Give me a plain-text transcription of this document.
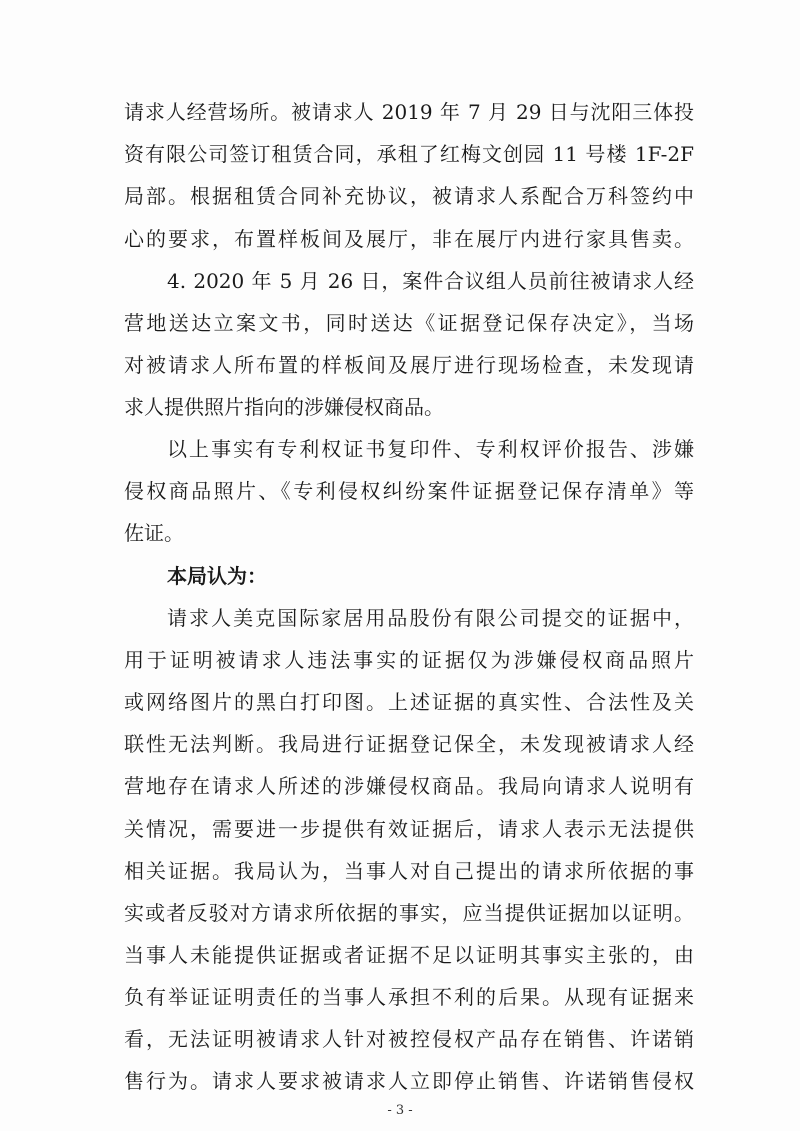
请求人经营场所。被请求人 2019 年 7 月 29 日与沈阳三体投
资有限公司签订租赁合同，承租了红梅文创园 11 号楼 1F-2F
局部。根据租赁合同补充协议，被请求人系配合万科签约中
心的要求，布置样板间及展厅，非在展厅内进行家具售卖。
4. 2020 年 5 月 26 日，案件合议组人员前往被请求人经
营地送达立案文书，同时送达《证据登记保存决定》，当场
对被请求人所布置的样板间及展厅进行现场检查，未发现请
求人提供照片指向的涉嫌侵权商品。
以上事实有专利权证书复印件、专利权评价报告、涉嫌
侵权商品照片、《专利侵权纠纷案件证据登记保存清单》等
佐证。
本局认为：
请求人美克国际家居用品股份有限公司提交的证据中，
用于证明被请求人违法事实的证据仅为涉嫌侵权商品照片
或网络图片的黑白打印图。上述证据的真实性、合法性及关
联性无法判断。我局进行证据登记保全，未发现被请求人经
营地存在请求人所述的涉嫌侵权商品。我局向请求人说明有
关情况，需要进一步提供有效证据后，请求人表示无法提供
相关证据。我局认为，当事人对自己提出的请求所依据的事
实或者反驳对方请求所依据的事实，应当提供证据加以证明。
当事人未能提供证据或者证据不足以证明其事实主张的，由
负有举证证明责任的当事人承担不利的后果。从现有证据来
看，无法证明被请求人针对被控侵权产品存在销售、许诺销
售行为。请求人要求被请求人立即停止销售、许诺销售侵权
- 3 -
